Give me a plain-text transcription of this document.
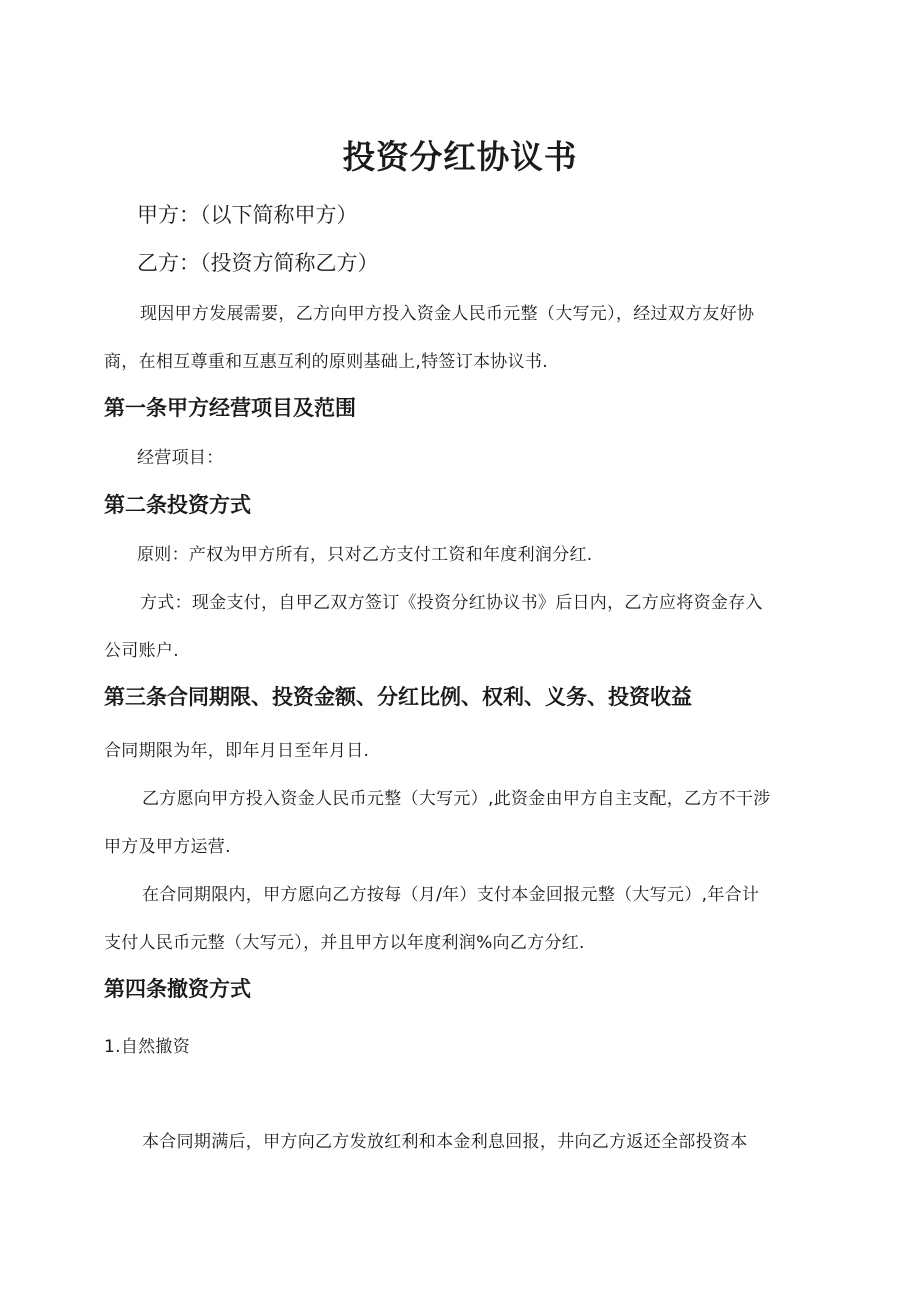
投资分红协议书

甲方：（以下简称甲方）

乙方：（投资方简称乙方）

现因甲方发展需要，乙方向甲方投入资金人民币元整（大写元），经过双方友好协

商，在相互尊重和互惠互利的原则基础上,特签订本协议书.

第一条甲方经营项目及范围

经营项目：

第二条投资方式

原则：产权为甲方所有，只对乙方支付工资和年度利润分红.

方式：现金支付，自甲乙双方签订《投资分红协议书》后日内，乙方应将资金存入

公司账户.

第三条合同期限、投资金额、分红比例、权利、义务、投资收益

合同期限为年，即年月日至年月日.

乙方愿向甲方投入资金人民币元整（大写元）,此资金由甲方自主支配，乙方不干涉

甲方及甲方运营.

在合同期限内，甲方愿向乙方按每（月/年）支付本金回报元整（大写元）,年合计

支付人民币元整（大写元），并且甲方以年度利润%向乙方分红.

第四条撤资方式

1.自然撤资

本合同期满后，甲方向乙方发放红利和本金利息回报，井向乙方返还全部投资本
